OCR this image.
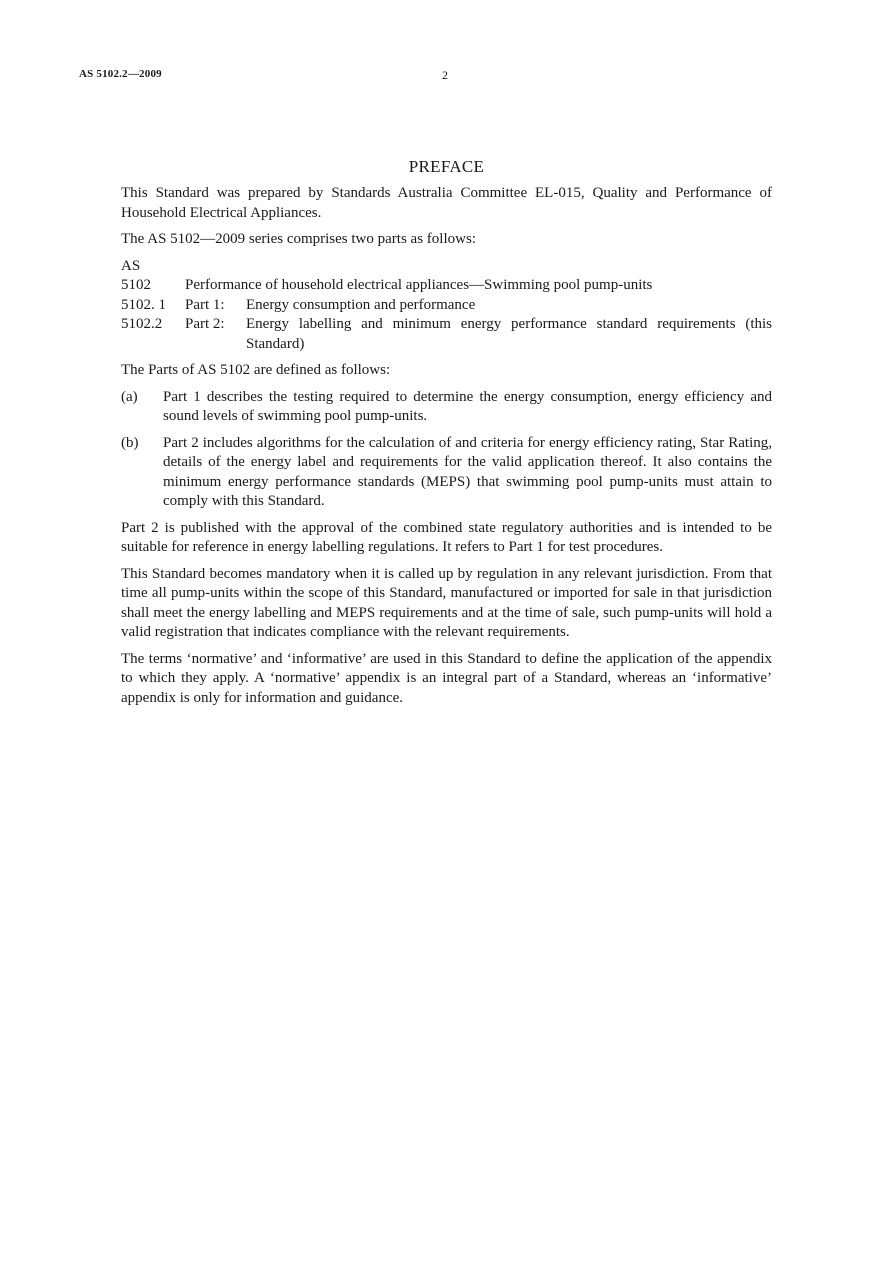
AS 5102.2—2009	2
PREFACE

This Standard was prepared by Standards Australia Committee EL-015, Quality and Performance of Household Electrical Appliances.

The AS 5102—2009 series comprises two parts as follows:

AS
5102	Performance of household electrical appliances—Swimming pool pump-units	
5102. 1	Part 1:	Energy consumption and performance
5102.2	Part 2:	Energy labelling and minimum energy performance standard requirements (this Standard)

The Parts of AS 5102 are defined as follows:

(a)	Part 1 describes the testing required to determine the energy consumption, energy efficiency and sound levels of swimming pool pump-units.
(b)	Part 2 includes algorithms for the calculation of and criteria for energy efficiency rating, Star Rating, details of the energy label and requirements for the valid application thereof. It also contains the minimum energy performance standards (MEPS) that swimming pool pump-units must attain to comply with this Standard.

Part 2 is published with the approval of the combined state regulatory authorities and is intended to be suitable for reference in energy labelling regulations. It refers to Part 1 for test procedures.

This Standard becomes mandatory when it is called up by regulation in any relevant jurisdiction. From that time all pump-units within the scope of this Standard, manufactured or imported for sale in that jurisdiction shall meet the energy labelling and MEPS requirements and at the time of sale, such pump-units will hold a valid registration that indicates compliance with the relevant requirements.

The terms ‘normative’ and ‘informative’ are used in this Standard to define the application of the appendix to which they apply. A ‘normative’ appendix is an integral part of a Standard, whereas an ‘informative’ appendix is only for information and guidance.
